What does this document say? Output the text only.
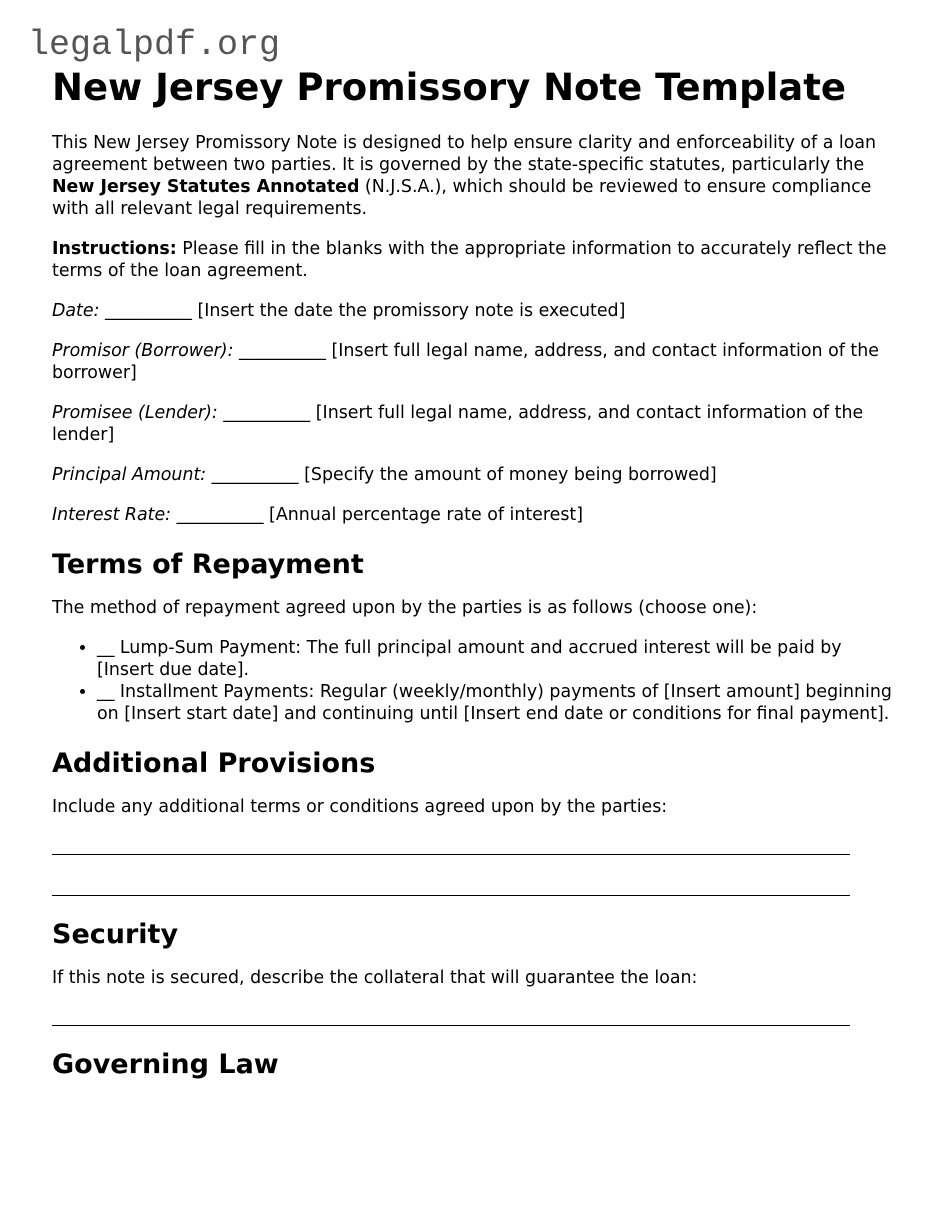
legalpdf.org
New Jersey Promissory Note Template

This New Jersey Promissory Note is designed to help ensure clarity and enforceability of a loan agreement between two parties. It is governed by the state-specific statutes, particularly the New Jersey Statutes Annotated (N.J.S.A.), which should be reviewed to ensure compliance with all relevant legal requirements.

Instructions: Please fill in the blanks with the appropriate information to accurately reflect the terms of the loan agreement.

Date: __________ [Insert the date the promissory note is executed]

Promisor (Borrower): __________ [Insert full legal name, address, and contact information of the borrower]

Promisee (Lender): __________ [Insert full legal name, address, and contact information of the lender]

Principal Amount: __________ [Specify the amount of money being borrowed]

Interest Rate: __________ [Annual percentage rate of interest]

Terms of Repayment

The method of repayment agreed upon by the parties is as follows (choose one):

• __ Lump-Sum Payment: The full principal amount and accrued interest will be paid by [Insert due date].
• __ Installment Payments: Regular (weekly/monthly) payments of [Insert amount] beginning on [Insert start date] and continuing until [Insert end date or conditions for final payment].
Additional Provisions

Include any additional terms or conditions agreed upon by the parties:

Security

If this note is secured, describe the collateral that will guarantee the loan:

Governing Law
